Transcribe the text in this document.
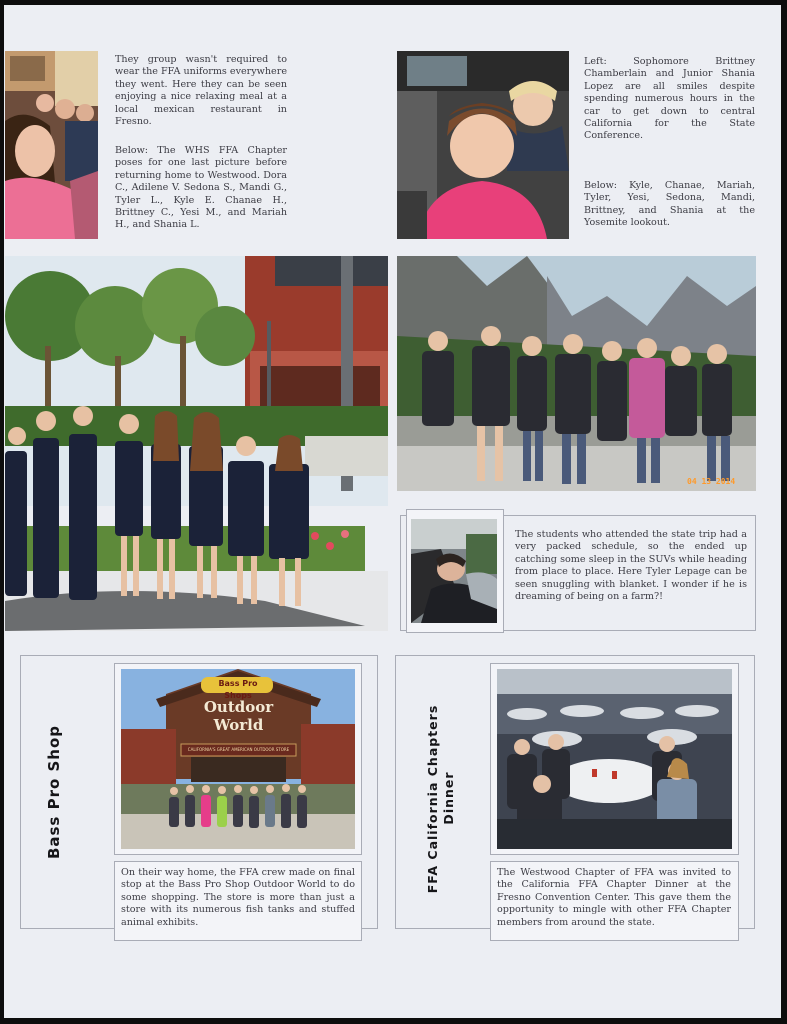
They group wasn't required to wear the FFA uniforms everywhere they went. Here they can be seen enjoying a nice relaxing meal at a local mexican restaurant in Fresno.

Below: The WHS FFA Chapter poses for one last picture before returning home to Westwood. Dora C., Adilene V. Sedona S., Mandi G., Tyler L., Kyle E. Chanae H., Brittney C., Yesi M., and Mariah H., and Shania L.

Left: Sophomore Brittney Chamberlain and Junior Shania Lopez are all smiles despite spending numerous hours in the car to get down to central California for the State Conference.

Below: Kyle, Chanae, Mariah, Tyler, Yesi, Sedona, Mandi, Brittney, and Shania at the Yosemite lookout.

04 13 2014

The students who attended the state trip had a very packed schedule, so the ended up catching some sleep in the SUVs while heading from place to place. Here Tyler Lepage can be seen snuggling with blanket. I wonder if he is dreaming of being on a farm?!

Bass Pro Shop
Bass Pro Shops
Outdoor
World
CALIFORNIA'S GREAT AMERICAN OUTDOOR STORE

On their way home, the FFA crew made on final stop at the Bass Pro Shop Outdoor World to do some shopping. The store is more than just a store with its numerous fish tanks and stuffed animal exhibits.

FFA California Chapters Dinner

The Westwood Chapter of FFA was invited to the California FFA Chapter Dinner at the Fresno Convention Center. This gave them the opportunity to mingle with other FFA Chapter members from around the state.
